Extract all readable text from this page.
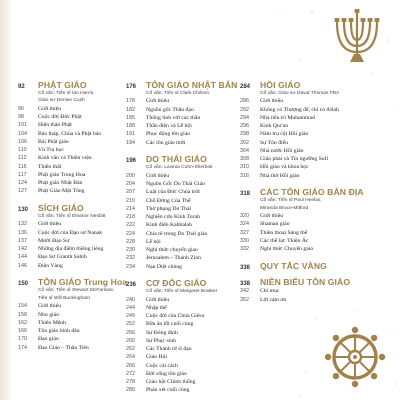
92	PHẬT GIÁO
Cố vấn: Tiến sĩ Ian Harris,
Giáo sư Denise Cush
96	Giới thiệu
98	Cuộc đời Đức Phật
101	Hiện thân Phật
104	Bảo tháp, Chùa và Phật bảo
106	Bái Phật giáo
110	Vũ Trụ học
112	Kinh văn và Thiên viện
116	Thiền thất
117	Phật giáo Trung Hoa
124	Phật giáo Nhật Bản
127	Phật Giáo Mật Tông
130	SÍCH GIÁO
Cố vấn: Tiến sĩ Eleanor Nesbitt
132	Giới thiệu
136	Cuộc đời của Đạo sư Nanak
137	Mười Đạo Sư
142	Những địa điểm thiêng liêng
144	Đạo Sư Granth Sahib
146	Điện Vàng
150	TÔN GIÁO Trung Hoa
Cố vấn: Tiến sĩ Stewart McFarlane,
Tiến sĩ Will Buckingham
154	Giới thiệu
158	Nho giáo
162	Thiên Mệnh
166	Tôn giáo bình dân
170	Đạo giáo
174	Đạo Giáo – Thần Tiên
176	TÔN GIÁO NHẬT BẢN
Cố vấn: Tiến sĩ Clark Chilson
178	Giới thiệu
182	Nguồn gốc Thần đạo
185	Thông linh với các thần
188	Thần điện và Lễ hội
191	Phục động tôn giáo
194	Các tôn giáo mới
196	DO THÁI GIÁO
Cố vấn: Lavinia Cohn-Sherbok
200	Giới thiệu
204	Nguồn Gốc Do Thái Giáo
207	Luật của Đức Chúa trời
210	Chỗ Đứng Của Thế
214	Thờ phụng Do Thái
218	Nghiên cứu Kinh Torah
222	Kinh điển Kabbalah
224	Chia rẽ trong Do Thái giáo
228	Lễ hội
230	Nghi thức chuyển giao
232	Jerusalem – Thánh Zion
234	Nạn Diệt chủng
236	CƠ ĐỐC GIÁO
Cố vấn: Tiến sĩ Margaret Bowker
240	Giới thiệu
244	Nhập thể
249	Cuộc đời của Chúa Giêsu
252	Bữa ăn tối cuối cùng
256	Sự Đóng đinh
260	Sự Phục sinh
262	Các Thánh từ sĩ đạo
264	Giáo Hội
266	Cuộc cải cách
272	Đời sống tôn giáo
278	Giáo hội Chính thống
280	Phán xét cuối cùng
284	HỒI GIÁO
Cố vấn: Giáo sư David Thomas FBA
286	Giới thiệu
292	Không có Thượng đế, chỉ có Allah
294	Nhà tiên tri Muhammad
296	Kinh Qur'an
298	Năm trụ cột Hồi giáo
302	Sự Tôn điểu
304	Nhà nước Hồi giáo
308	Giáo phái và Tín ngưỡng Sufi
310	Hồi giáo và khoa học
316	Nhà thờ Hồi giáo
318	CÁC TÔN GIÁO BẢN ĐỊA
Cố vấn: Tiến sĩ Paul Heelas,
Miranda Bruce-Mitford
320	Giới thiệu
324	Shaman giáo
327	Thiên thoại Sáng thế
330	Các thế lực Thiện Ác
332	Nghi thức Chuyển giao
336	QUY TẮC VÀNG
338	NIÊN BIỂU TÔN GIÁO
342	Chỉ mục
352	Lời cảm ơn
